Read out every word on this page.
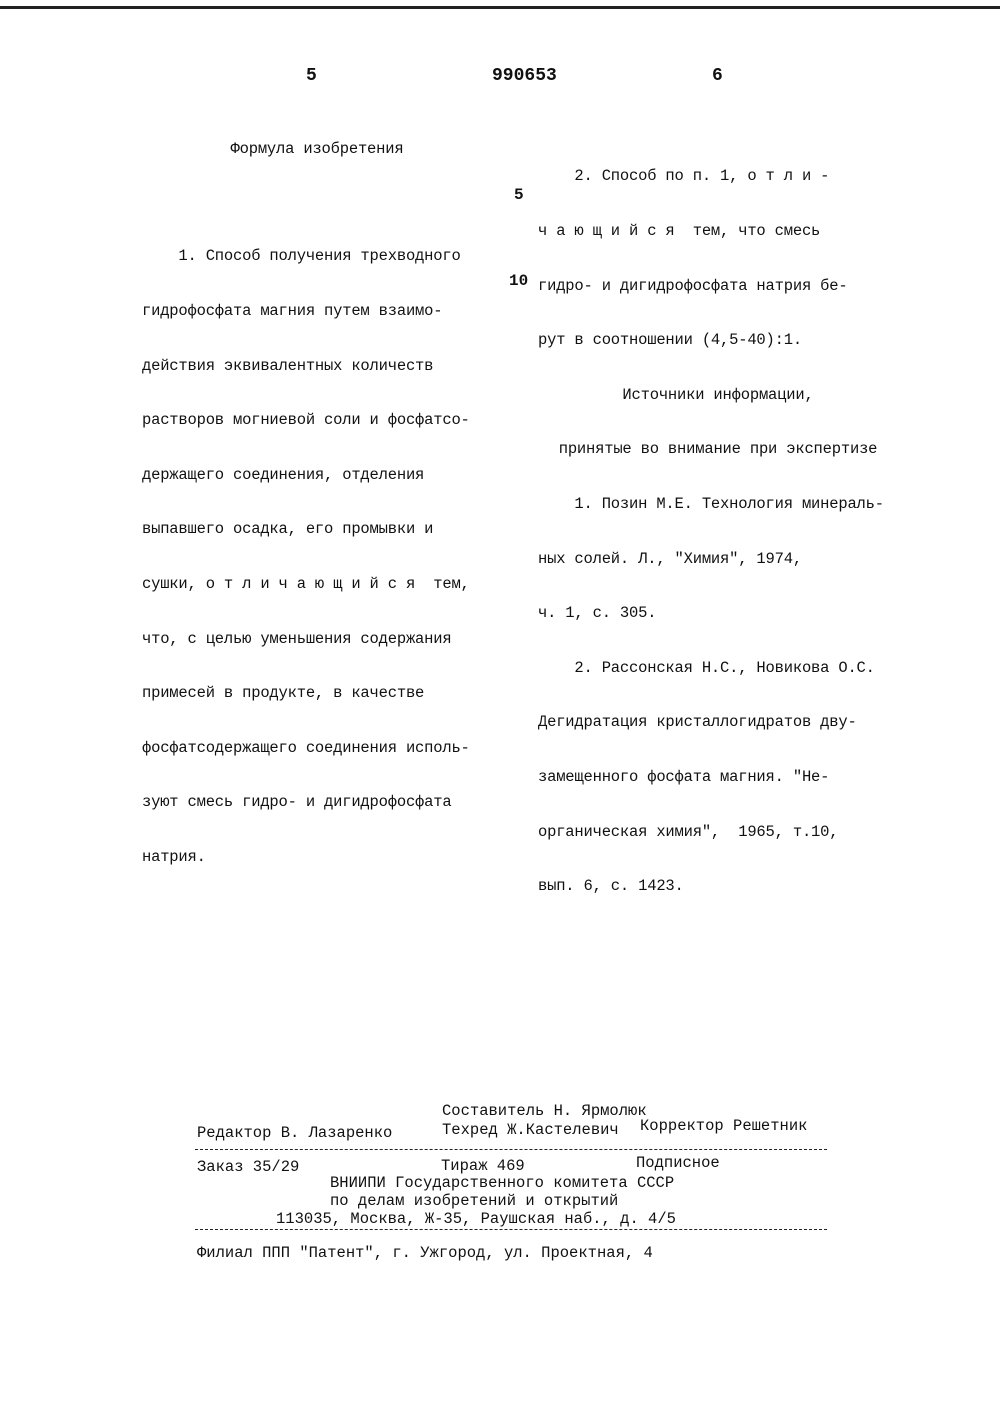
5	990653	6

Формула изобретения

1. Способ получения трехводного

гидрофосфата магния путем взаимо-

действия эквивалентных количеств

растворов могниевой соли и фосфатсо-

держащего соединения, отделения

выпавшего осадка, его промывки и

сушки, о т л и ч а ю щ и й с я  тем,

что, с целью уменьшения содержания

примесей в продукте, в качестве

фосфатсодержащего соединения исполь-

зуют смесь гидро- и дигидрофосфата

натрия.

5
10

2. Способ по п. 1, о т л и -

ч а ю щ и й с я  тем, что смесь

гидро- и дигидрофосфата натрия бе-

рут в соотношении (4,5-40):1.

Источники информации,

принятые во внимание при экспертизе

1. Позин М.Е. Технология минераль-

ных солей. Л., "Химия", 1974,

ч. 1, с. 305.

2. Рассонская Н.С., Новикова О.С.

Дегидратация кристаллогидратов дву-

замещенного фосфата магния. "Не-

органическая химия",  1965, т.10,

вып. 6, с. 1423.

Составитель Н. Ярмолюк
Редактор В. Лазаренко	Техред Ж.Кастелевич Корректор Решетник
Заказ 35/29	Тираж 469	Подписное
ВНИИПИ Государственного комитета СССР
по делам изобретений и открытий
113035, Москва, Ж-35, Раушская наб., д. 4/5
Филиал ППП "Патент", г. Ужгород, ул. Проектная, 4
